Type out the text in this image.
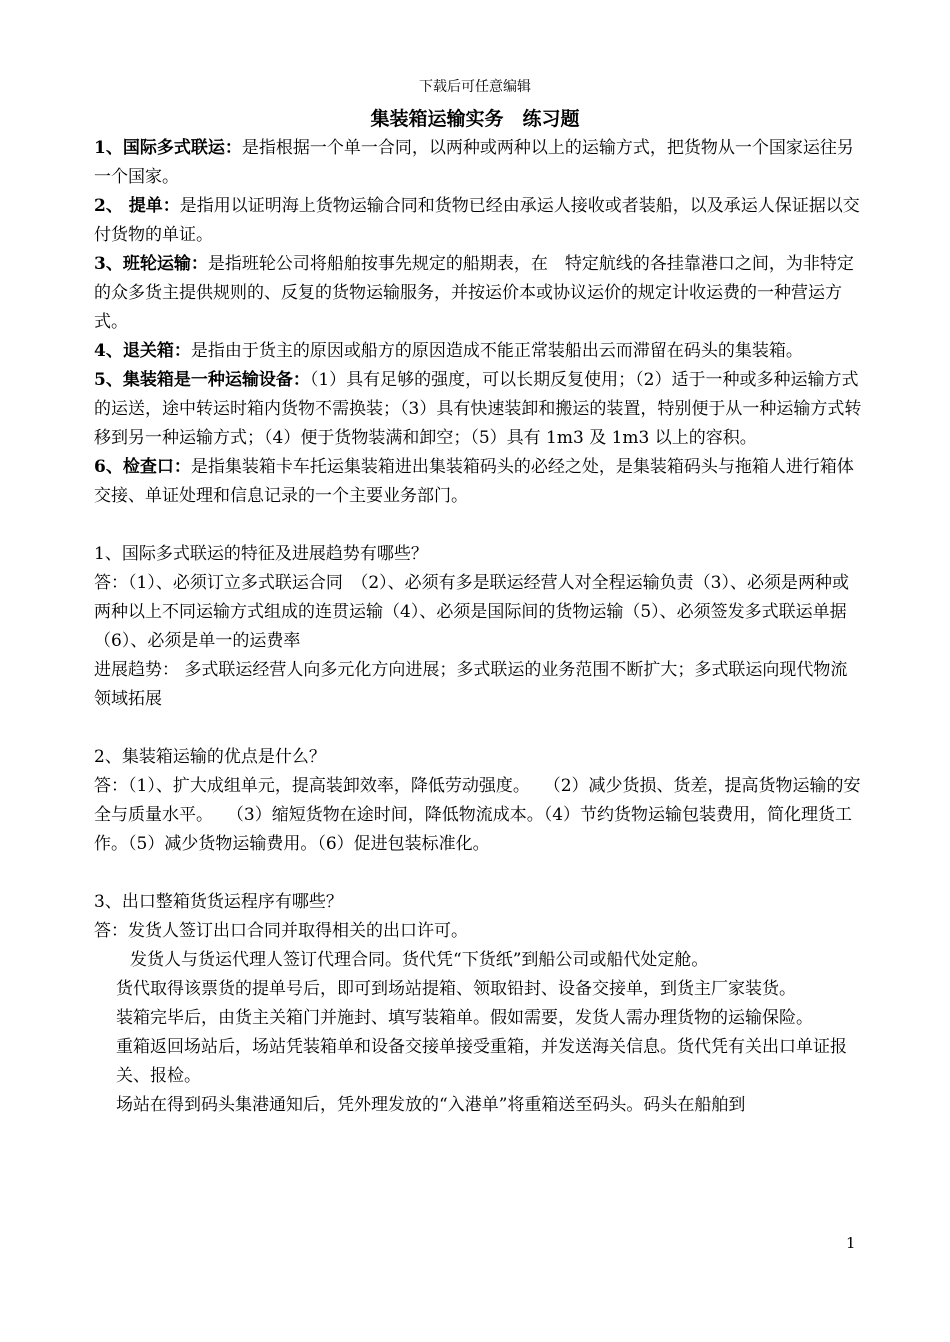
下载后可任意编辑
集装箱运输实务　练习题

1、国际多式联运：是指根据一个单一合同，以两种或两种以上的运输方式，把货物从一个国家运往另一个国家。

2、 提单：是指用以证明海上货物运输合同和货物已经由承运人接收或者装船，以及承运人保证据以交付货物的单证。

3、班轮运输：是指班轮公司将船舶按事先规定的船期表，在　特定航线的各挂靠港口之间，为非特定的众多货主提供规则的、反复的货物运输服务，并按运价本或协议运价的规定计收运费的一种营运方式。

4、退关箱：是指由于货主的原因或船方的原因造成不能正常装船出云而滞留在码头的集装箱。

5、集装箱是一种运输设备：（1）具有足够的强度，可以长期反复使用；（2）适于一种或多种运输方式的运送，途中转运时箱内货物不需换装；（3）具有快速装卸和搬运的装置，特别便于从一种运输方式转移到另一种运输方式；（4）便于货物装满和卸空；（5）具有 1m3 及 1m3 以上的容积。

6、检查口：是指集装箱卡车托运集装箱进出集装箱码头的必经之处，是集装箱码头与拖箱人进行箱体交接、单证处理和信息记录的一个主要业务部门。

1、国际多式联运的特征及进展趋势有哪些？

答：（1）、必须订立多式联运合同　（2）、必须有多是联运经营人对全程运输负责（3）、必须是两种或两种以上不同运输方式组成的连贯运输（4）、必须是国际间的货物运输（5）、必须签发多式联运单据（6）、必须是单一的运费率

进展趋势： 多式联运经营人向多元化方向进展；多式联运的业务范围不断扩大；多式联运向现代物流领域拓展

2、集装箱运输的优点是什么？

答：（1）、扩大成组单元，提高装卸效率，降低劳动强度。　 （2）减少货损、货差，提高货物运输的安全与质量水平。　 （3）缩短货物在途时间，降低物流成本。（4）节约货物运输包装费用，简化理货工作。（5）减少货物运输费用。（6）促进包装标准化。

3、出口整箱货货运程序有哪些？

答：发货人签订出口合同并取得相关的出口许可。

发货人与货运代理人签订代理合同。货代凭“下货纸”到船公司或船代处定舱。

货代取得该票货的提单号后，即可到场站提箱、领取铅封、设备交接单，到货主厂家装货。

装箱完毕后，由货主关箱门并施封、填写装箱单。假如需要，发货人需办理货物的运输保险。

重箱返回场站后，场站凭装箱单和设备交接单接受重箱，并发送海关信息。货代凭有关出口单证报关、报检。

场站在得到码头集港通知后，凭外理发放的“入港单”将重箱送至码头。码头在船舶到

1
